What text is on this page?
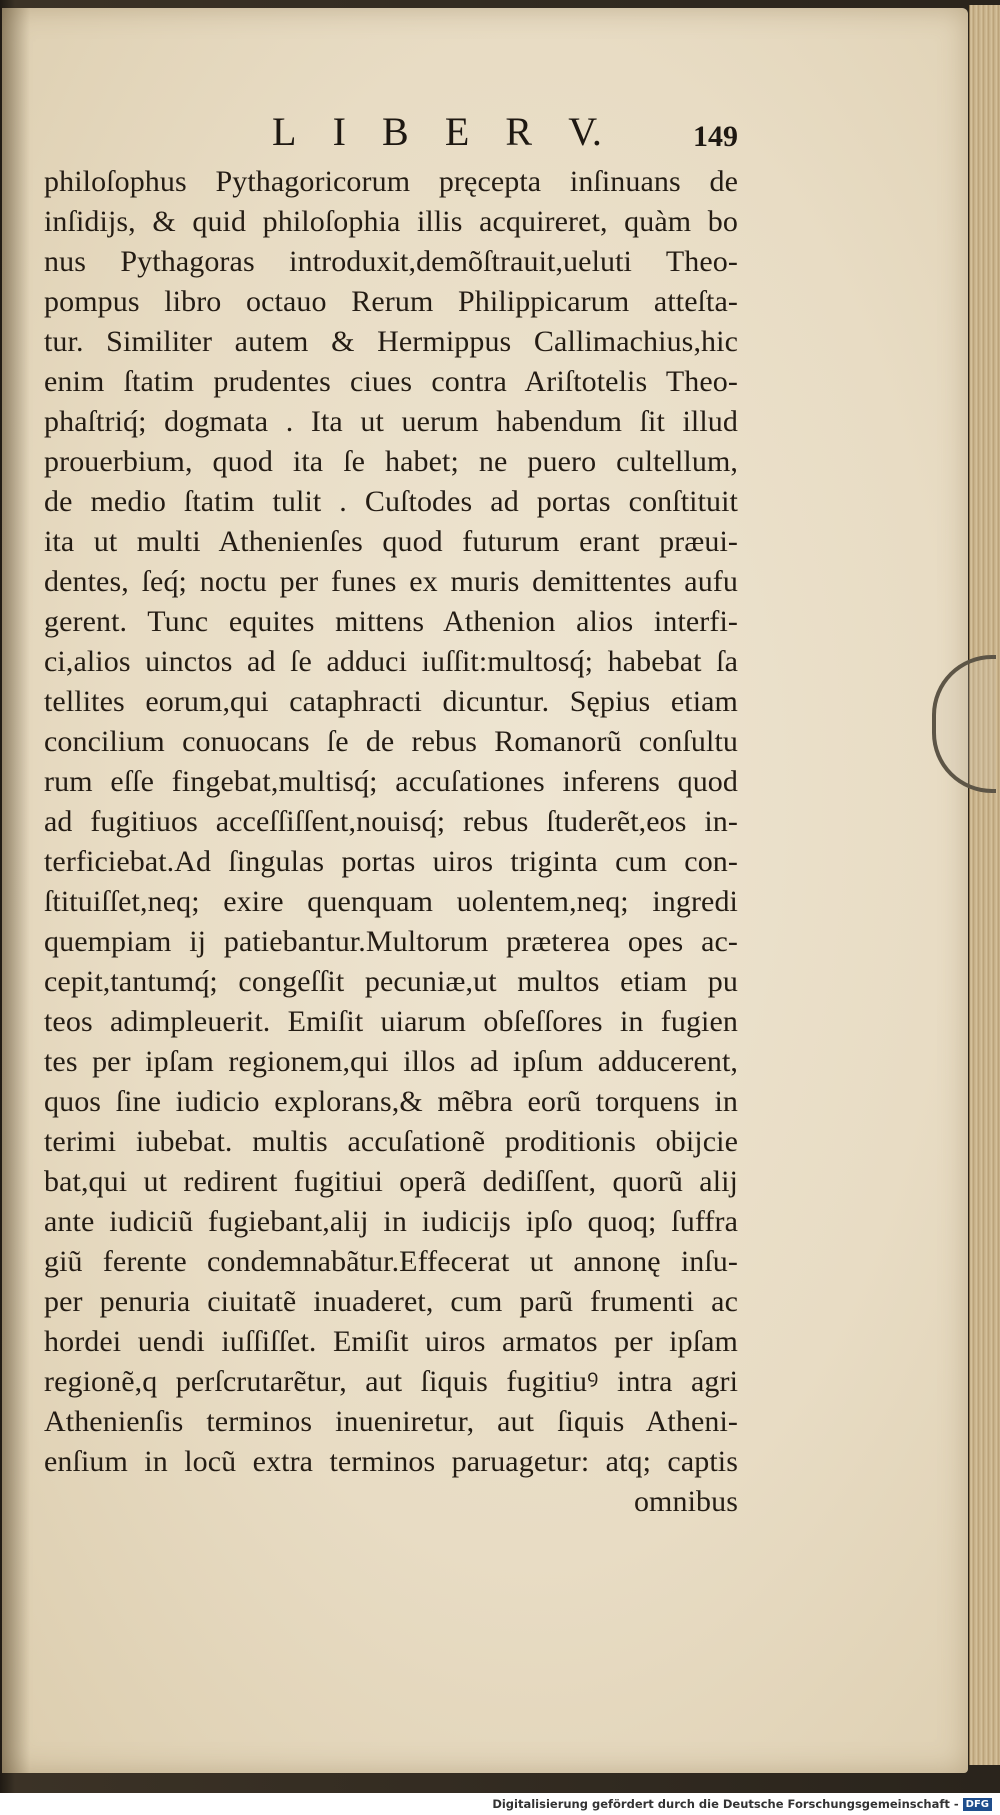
L I B E R V.	149
philoſophus Pythagoricorum pręcepta inſinuans de
inſidijs, & quid philoſophia illis acquireret, quàm bo
nus Pythagoras introduxit,demõſtrauit,ueluti Theo-
pompus libro octauo Rerum Philippicarum atteſta-
tur. Similiter autem & Hermippus Callimachius,hic
enim ſtatim prudentes ciues contra Ariſtotelis Theo-
phaſtriq́; dogmata . Ita ut uerum habendum ſit illud
prouerbium, quod ita ſe habet; ne puero cultellum,
de medio ſtatim tulit . Cuſtodes ad portas conſtituit
ita ut multi Athenienſes quod futurum erant præui-
dentes, ſeq́; noctu per funes ex muris demittentes aufu
gerent. Tunc equites mittens Athenion alios interfi-
ci,alios uinctos ad ſe adduci iuſſit:multosq́; habebat ſa
tellites eorum,qui cataphracti dicuntur. Sępius etiam
concilium conuocans ſe de rebus Romanorũ conſultu
rum eſſe fingebat,multisq́; accuſationes inferens quod
ad fugitiuos acceſſiſſent,nouisq́; rebus ſtuderẽt,eos in-
terficiebat.Ad ſingulas portas uiros triginta cum con-
ſtituiſſet,neq; exire quenquam uolentem,neq; ingredi
quempiam ij patiebantur.Multorum præterea opes ac-
cepit,tantumq́; congeſſit pecuniæ,ut multos etiam pu
teos adimpleuerit. Emiſit uiarum obſeſſores in fugien
tes per ipſam regionem,qui illos ad ipſum adducerent,
quos ſine iudicio explorans,& mẽbra eorũ torquens in
terimi iubebat. multis accuſationẽ proditionis obijcie
bat,qui ut redirent fugitiui operã dediſſent, quorũ alij
ante iudiciũ fugiebant,alij in iudicijs ipſo quoq; ſuffra
giũ ferente condemnabãtur.Effecerat ut annonę inſu-
per penuria ciuitatẽ inuaderet, cum parũ frumenti ac
hordei uendi iuſſiſſet. Emiſit uiros armatos per ipſam
regionẽ,q perſcrutarẽtur, aut ſiquis fugitiuꝰ intra agri
Athenienſis terminos inueniretur, aut ſiquis Atheni-
enſium in locũ extra terminos paruagetur: atq; captis
omnibus
Digitalisierung gefördert durch die Deutsche Forschungsgemeinschaft - DFG
